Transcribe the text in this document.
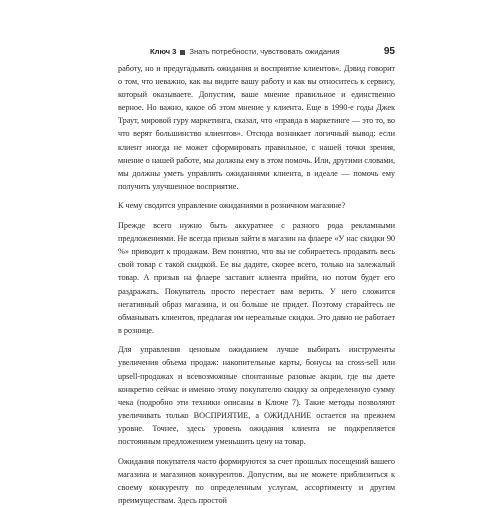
Ключ 3 Знать потребности, чувствовать ожидания	95

работу, но и предугадывать ожидания и восприятие клиентов». Дэвид говорит о том, что неважно, как вы видите вашу работу и как вы относитесь к сервису, который оказываете. Допустим, ваше мнение правильное и единственно верное. Но важно, какое об этом мнение у клиента. Еще в 1990-е годы Джек Траут, мировой гуру маркетинга, сказал, что «правда в маркетинге — это то, во что верят большинство клиентов». Отсюда возникает логичный вывод: если клиент иногда не может сформировать правильное, с нашей точки зрения, мнение о нашей работе, мы должны ему в этом помочь. Или, другими словами, мы должны уметь управлять ожиданиями клиента, в идеале — помочь ему получить улучшенное восприятие.

К чему сводится управление ожиданиями в розничном магазине?

Прежде всего нужно быть аккуратнее с разного рода рекламными предложениями. Не всегда призыв зайти в магазин на флаере «У нас скидки 90 %» приводит к продажам. Вем понятно, что вы не собираетесь продавать весь свой товар с такой скидкой. Ее вы дадите, скорее всего, только на залежалый товар. А призыв на флаере заставит клиента прийти, но потом будет его раздражать. Покупатель просто перестает вам верить. У него сложится негативный образ магазина, и он больше не придет. Поэтому старайтесь не обманывать клиентов, предлагая им нереальные скидки. Это давно не работает в рознице.

Для управления ценовым ожиданием лучше выбирать инструменты увеличения объема продаж: накопительные карты, бонусы на cross-sell или upsell-продажах и всевозможные спонтанные разовые акции, где вы даете конкретно сейчас и именно этому покупателю скидку за определенную сумму чека (подробно эти техники описаны в Ключе 7). Такие методы позволяют увеличивать только ВОСПРИЯТИЕ, а ОЖИДАНИЕ остается на прежнем уровне. Точнее, здесь уровень ожидания клиента не подкрепляется постоянным предложением уменьшить цену на товар.

Ожидания покупателя часто формируются за счет прошлых посещений вашего магазина и магазинов конкурентов. Допустим, вы не можете приблизиться к своему конкуренту по определенным услугам, ассортименту и другим преимуществам. Здесь простой
